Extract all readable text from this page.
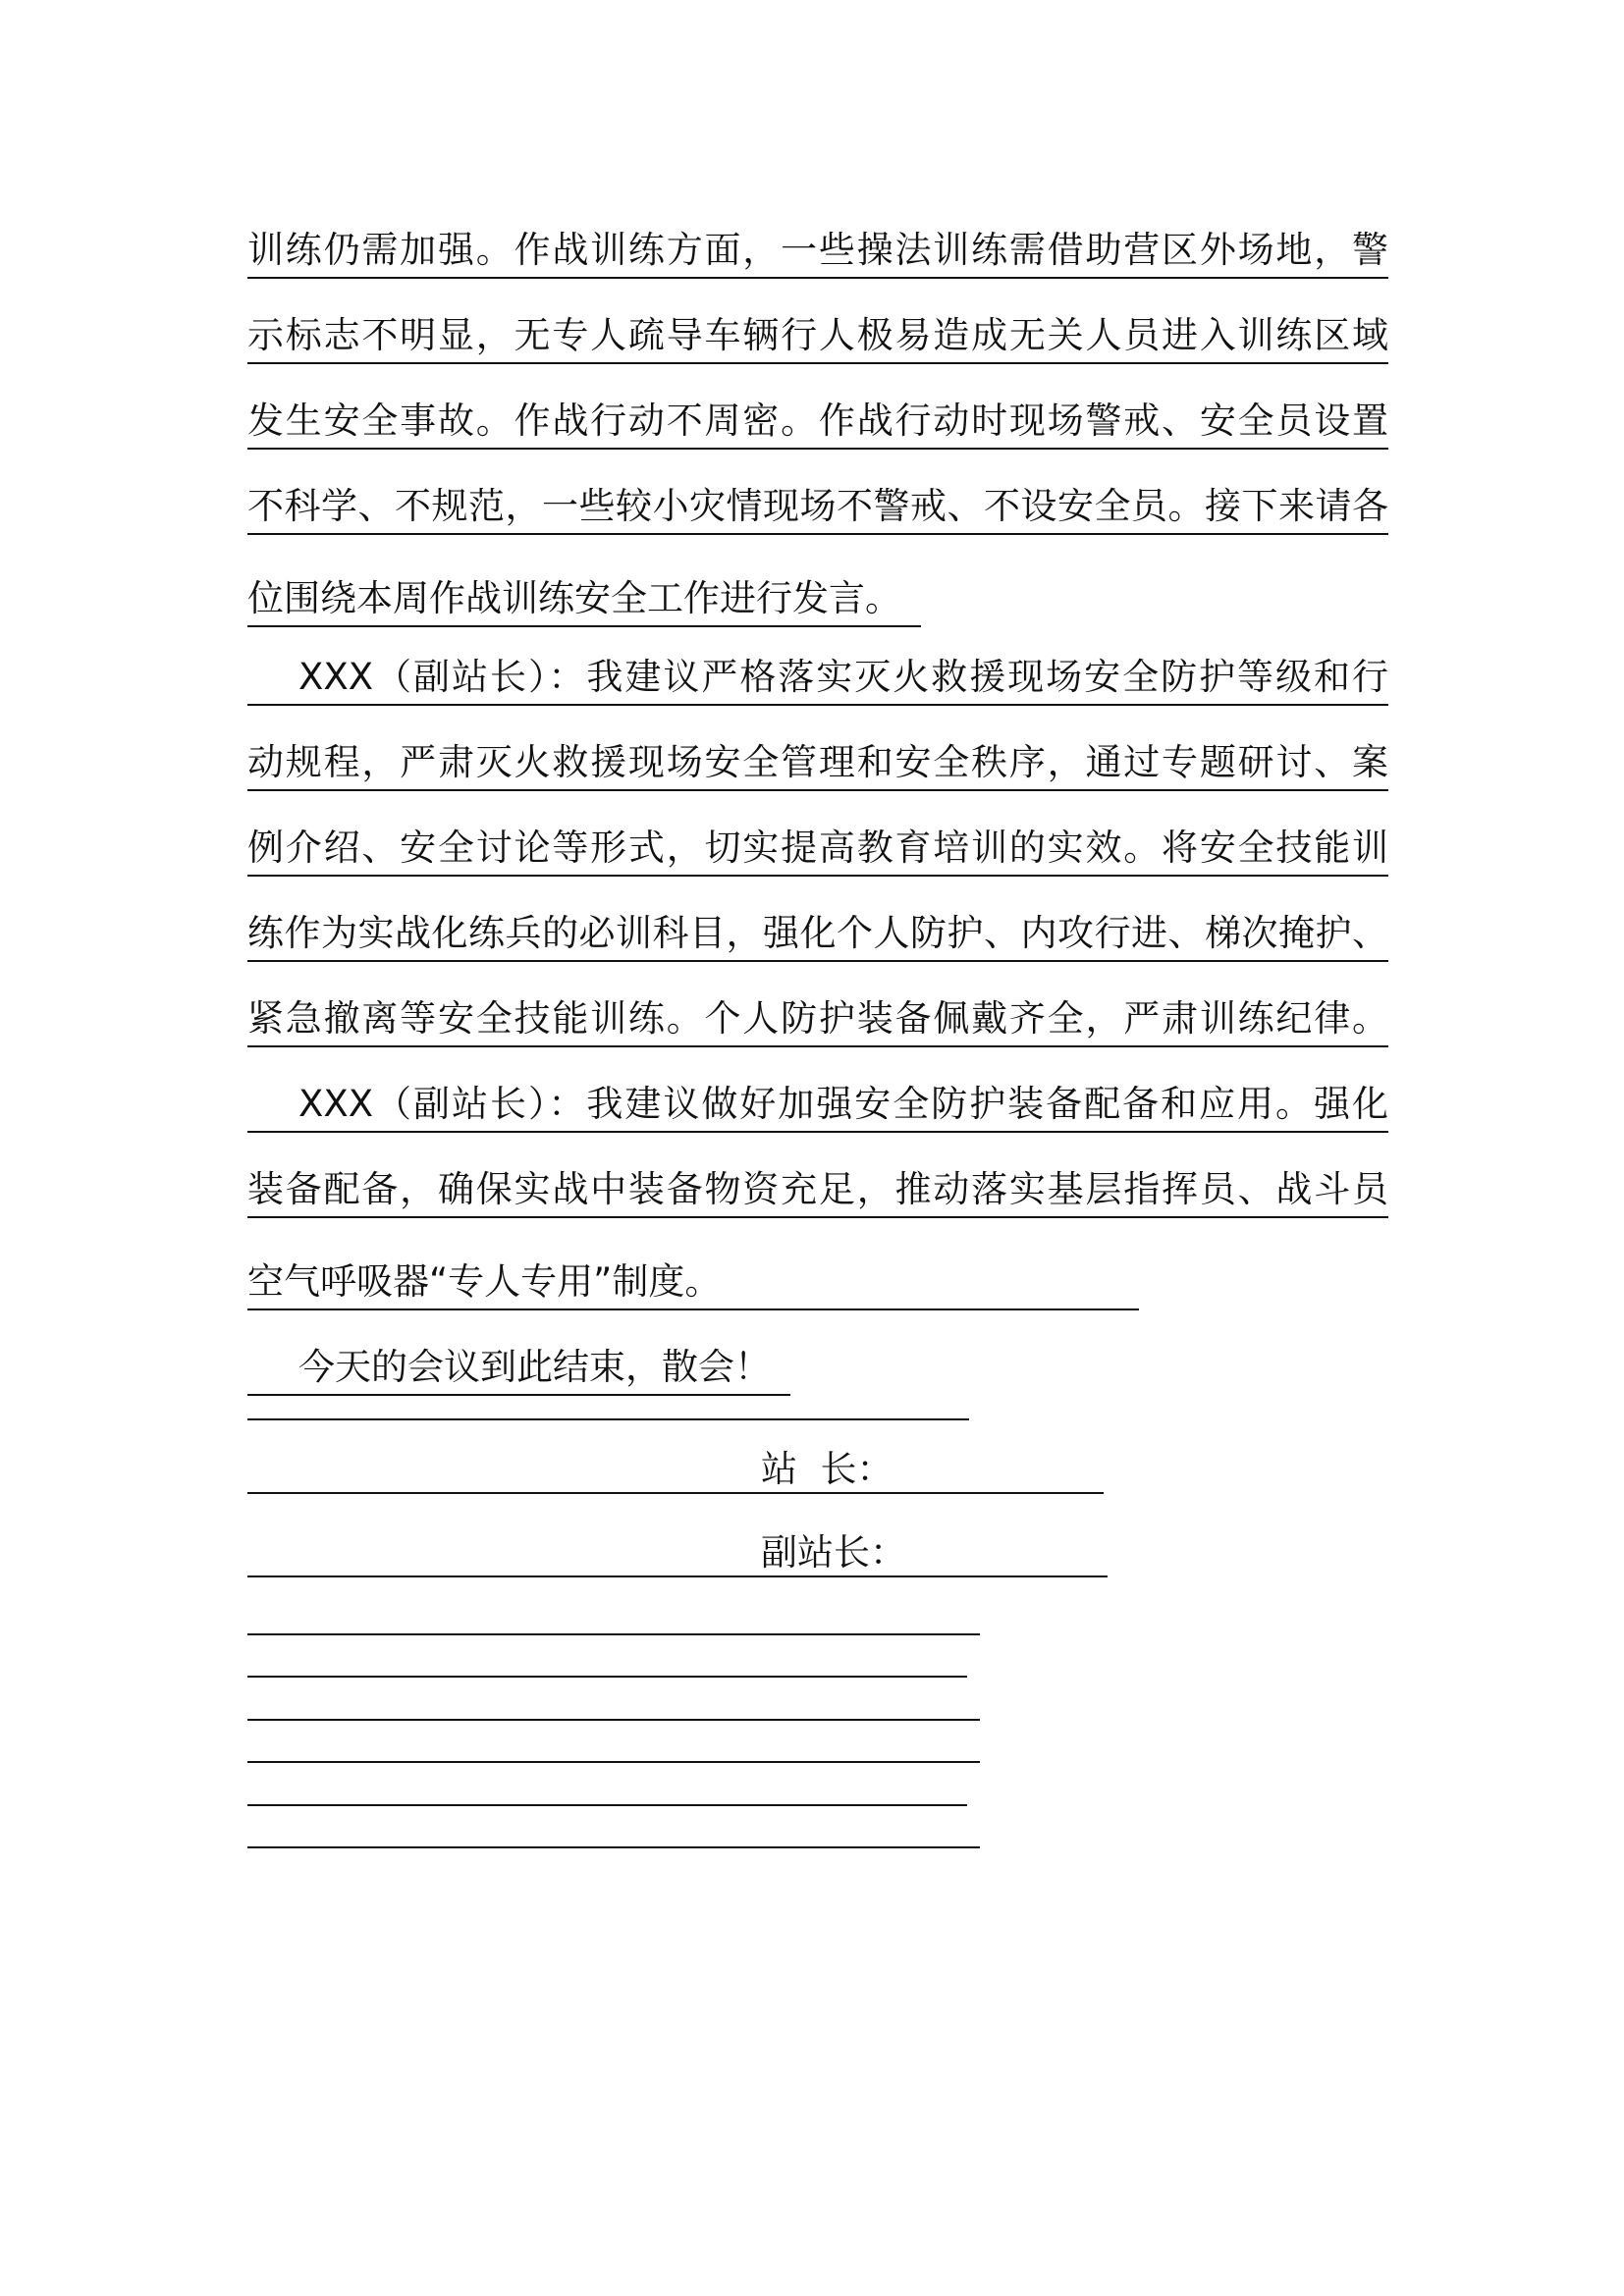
训练仍需加强。作战训练方面，一些操法训练需借助营区外场地，警
示标志不明显，无专人疏导车辆行人极易造成无关人员进入训练区域
发生安全事故。作战行动不周密。作战行动时现场警戒、安全员设置
不科学、不规范，一些较小灾情现场不警戒、不设安全员。接下来请各
位围绕本周作战训练安全工作进行发言。
XXX（副站长）：我建议严格落实灭火救援现场安全防护等级和行
动规程，严肃灭火救援现场安全管理和安全秩序，通过专题研讨、案
例介绍、安全讨论等形式，切实提高教育培训的实效。将安全技能训
练作为实战化练兵的必训科目，强化个人防护、内攻行进、梯次掩护、
紧急撤离等安全技能训练。个人防护装备佩戴齐全，严肃训练纪律。
XXX（副站长）：我建议做好加强安全防护装备配备和应用。强化
装备配备，确保实战中装备物资充足，推动落实基层指挥员、战斗员
空气呼吸器“专人专用”制度。
今天的会议到此结束，散会！
站  长：
副站长：
